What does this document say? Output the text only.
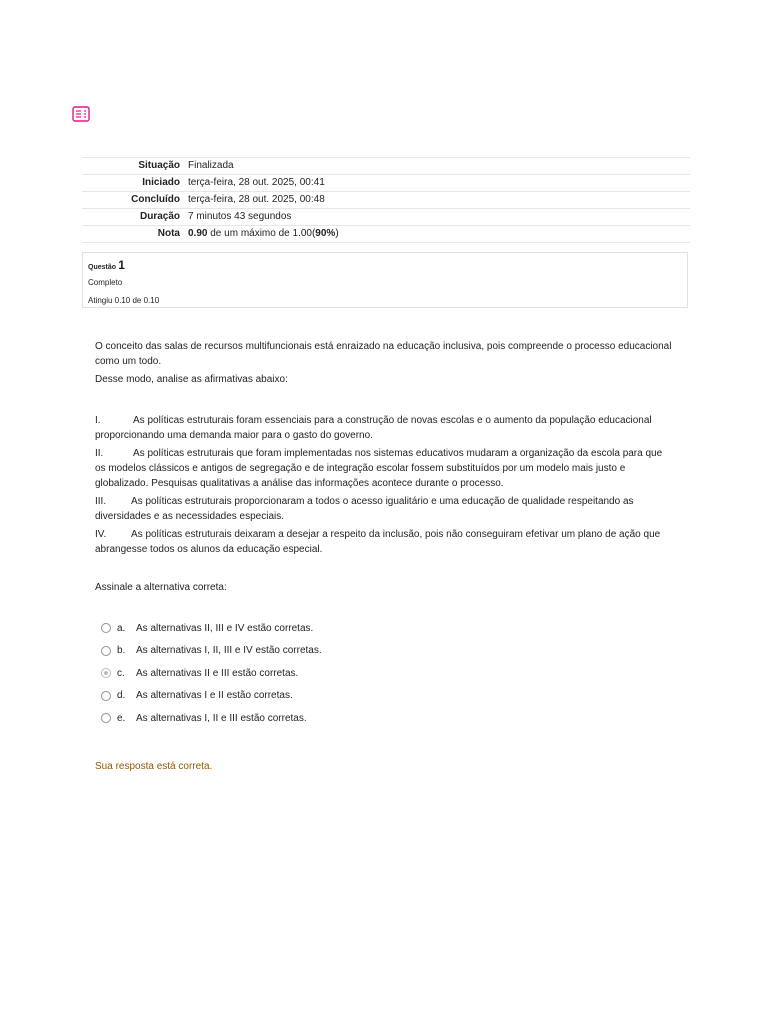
Situação	Finalizada
Iniciado	terça-feira, 28 out. 2025, 00:41
Concluído	terça-feira, 28 out. 2025, 00:48
Duração	7 minutos 43 segundos
Nota	0.90 de um máximo de 1.00(90%)
Questão 1
Completo
Atingiu 0.10 de 0.10

O conceito das salas de recursos multifuncionais está enraizado na educação inclusiva, pois compreende o processo educacional como um todo.

Desse modo, analise as afirmativas abaixo:

I.	As políticas estruturais foram essenciais para a construção de novas escolas e o aumento da população educacional proporcionando uma demanda maior para o gasto do governo.

II.	As políticas estruturais que foram implementadas nos sistemas educativos mudaram a organização da escola para que os modelos clássicos e antigos de segregação e de integração escolar fossem substituídos por um modelo mais justo e globalizado. Pesquisas qualitativas a análise das informações acontece durante o processo.

III. As políticas estruturais proporcionaram a todos o acesso igualitário e uma educação de qualidade respeitando as diversidades e as necessidades especiais.

IV. As políticas estruturais deixaram a desejar a respeito da inclusão, pois não conseguiram efetivar um plano de ação que abrangesse todos os alunos da educação especial.

Assinale a alternativa correta:

a.	As alternativas II, III e IV estão corretas.
b.	As alternativas I, II, III e IV estão corretas.
c.	As alternativas II e III estão corretas.
d.	As alternativas I e II estão corretas.
e.	As alternativas I, II e III estão corretas.
Sua resposta está correta.
